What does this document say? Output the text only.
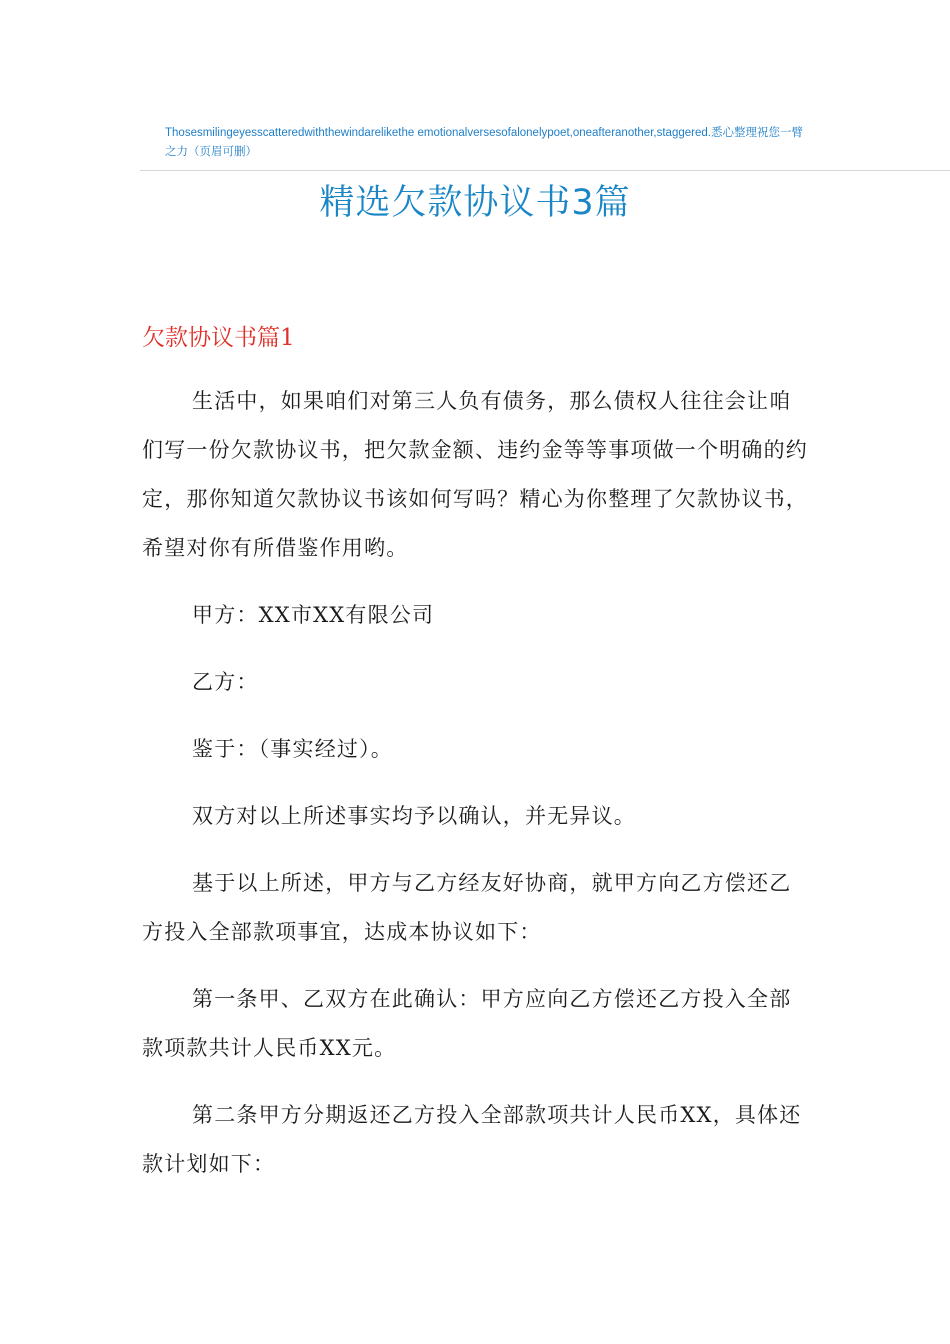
Thosesmilingeyesscatteredwiththewindarelikethe emotionalversesofalonelypoet,oneafteranother,staggered.悉心整理祝您一臂之力（页眉可删）
精选欠款协议书3篇
欠款协议书篇1

生活中，如果咱们对第三人负有债务，那么债权人往往会让咱们写一份欠款协议书，把欠款金额、违约金等等事项做一个明确的约定，那你知道欠款协议书该如何写吗？精心为你整理了欠款协议书，希望对你有所借鉴作用哟。

甲方：XX市XX有限公司

乙方：

鉴于：（事实经过）。

双方对以上所述事实均予以确认，并无异议。

基于以上所述，甲方与乙方经友好协商，就甲方向乙方偿还乙方投入全部款项事宜，达成本协议如下：

第一条甲、乙双方在此确认：甲方应向乙方偿还乙方投入全部款项款共计人民币XX元。

第二条甲方分期返还乙方投入全部款项共计人民币XX，具体还款计划如下：
